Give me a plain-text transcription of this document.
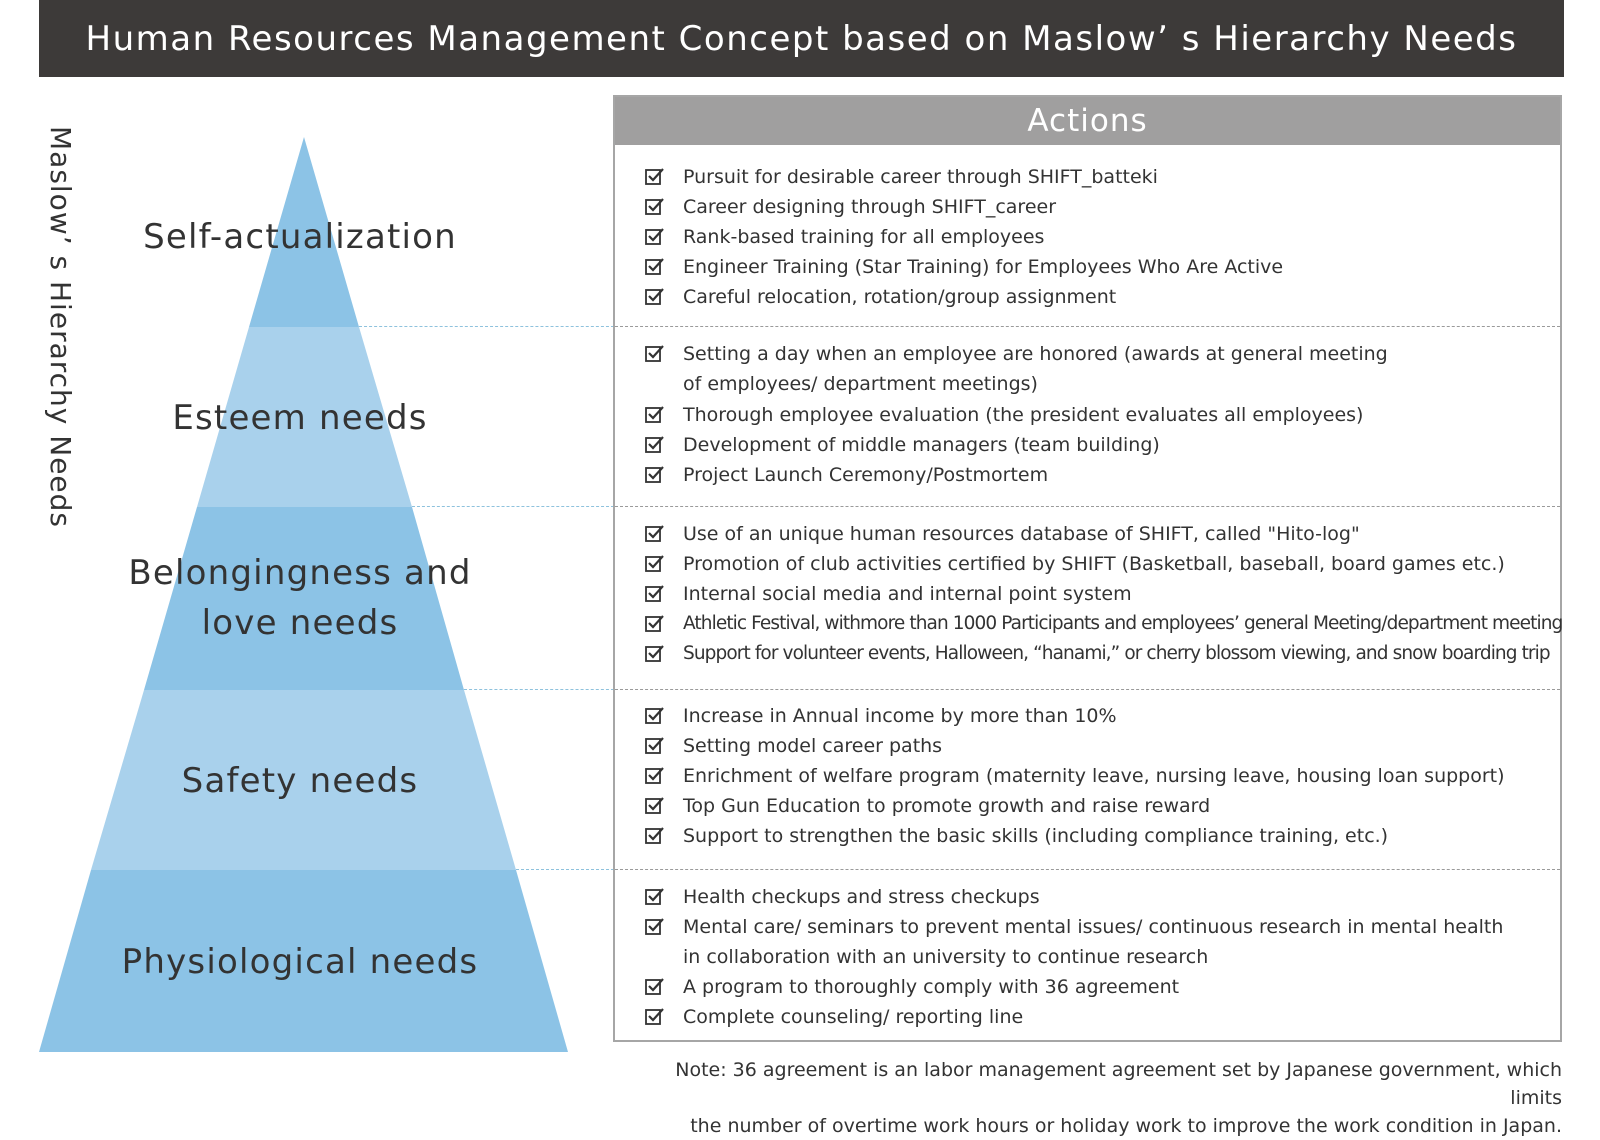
Human Resources Management Concept based on Maslow’ s Hierarchy Needs
Maslow’ s Hierarchy Needs	Self-actualization
Esteem needs
Belongingness and
love needs
Safety needs
Physiological needs
Actions
Pursuit for desirable career through SHIFT_batteki
Career designing through SHIFT_career
Rank-based training for all employees
Engineer Training (Star Training) for Employees Who Are Active
Careful relocation, rotation/group assignment
Setting a day when an employee are honored (awards at general meeting of employees/ department meetings)
Thorough employee evaluation (the president evaluates all employees)
Development of middle managers (team building)
Project Launch Ceremony/Postmortem
Use of an unique human resources database of SHIFT, called "Hito-log"
Promotion of club activities certified by SHIFT (Basketball, baseball, board games etc.)
Internal social media and internal point system
Athletic Festival, withmore than 1000 Participants and employees’ general Meeting/department meeting
Support for volunteer events, Halloween, “hanami,” or cherry blossom viewing, and snow boarding trip
Increase in Annual income by more than 10%
Setting model career paths
Enrichment of welfare program (maternity leave, nursing leave, housing loan support)
Top Gun Education to promote growth and raise reward
Support to strengthen the basic skills (including compliance training, etc.)
Health checkups and stress checkups
Mental care/ seminars to prevent mental issues/ continuous research in mental health in collaboration with an university to continue research
A program to thoroughly comply with 36 agreement
Complete counseling/ reporting line
Note: 36 agreement is an labor management agreement set by Japanese government, which limits
the number of overtime work hours or holiday work to improve the work condition in Japan.
